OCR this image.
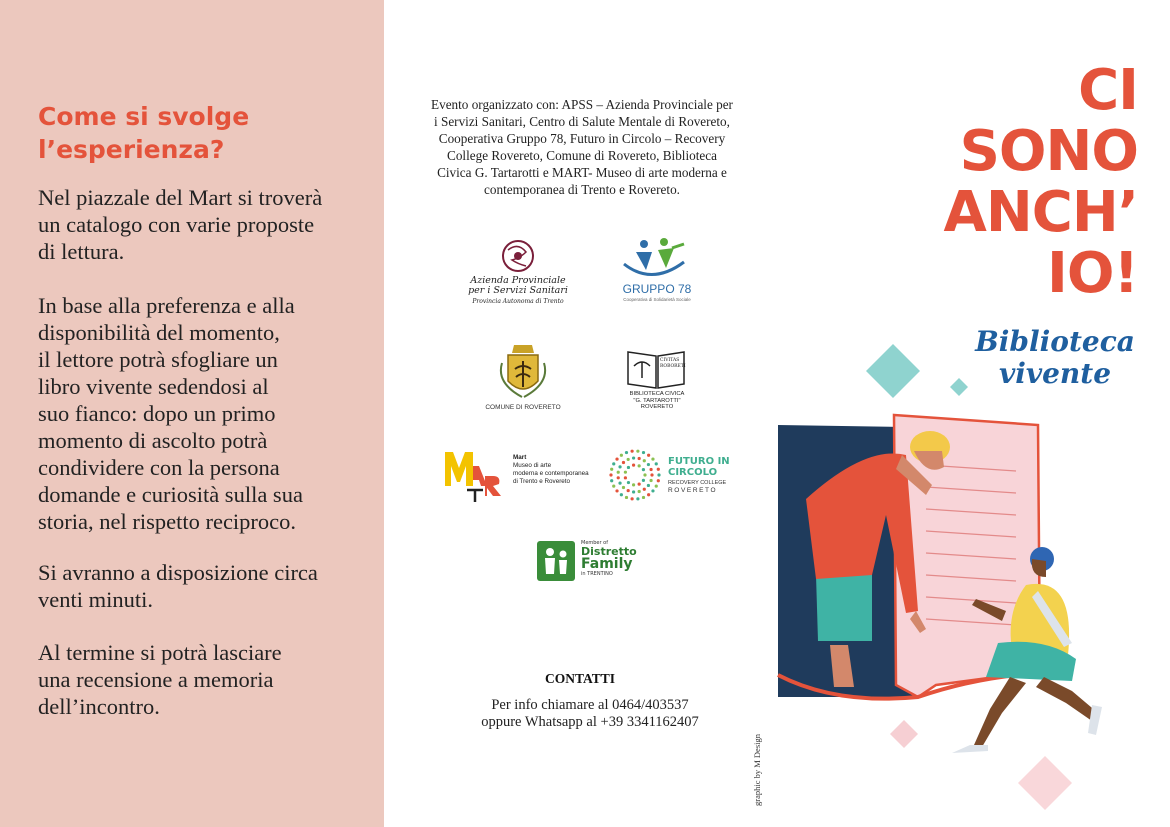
Come si svolge
l’esperienza?
Nel piazzale del Mart si troverà
un catalogo con varie proposte
di lettura.
In base alla preferenza e alla
disponibilità del momento,
il lettore potrà sfogliare un
libro vivente sedendosi al
suo fianco: dopo un primo
momento di ascolto potrà
condividere con la persona
domande e curiosità sulla sua
storia, nel rispetto reciproco.
Si avranno a disposizione circa
venti minuti.
Al termine si potrà lasciare
una recensione a memoria
dell’incontro.
Evento organizzato con: APSS – Azienda Provinciale per
i Servizi Sanitari, Centro di Salute Mentale di Rovereto,
Cooperativa Gruppo 78, Futuro in Circolo – Recovery
College Rovereto, Comune di Rovereto, Biblioteca
Civica G. Tartarotti e MART- Museo di arte moderna e
contemporanea di Trento e Rovereto.
Azienda Provinciale
per i Servizi Sanitari
Provincia Autonoma di Trento
GRUPPO 78
Cooperativa di Solidarietà Sociale
COMUNE DI ROVERETO
CIVITAS ROBORETI
BIBLIOTECA CIVICA
"G. TARTAROTTI"
ROVERETO
Mart
Museo di arte
moderna e contemporanea
di Trento e Rovereto
FUTURO IN
CIRCOLO
RECOVERY COLLEGE
ROVERETO
Member of
Distretto
Family
in TRENTINO
CONTATTI
Per info chiamare al 0464/403537
oppure Whatsapp al +39 3341162407
graphic by M Design
CI
SONO
ANCH’
IO!
Biblioteca
vivente
